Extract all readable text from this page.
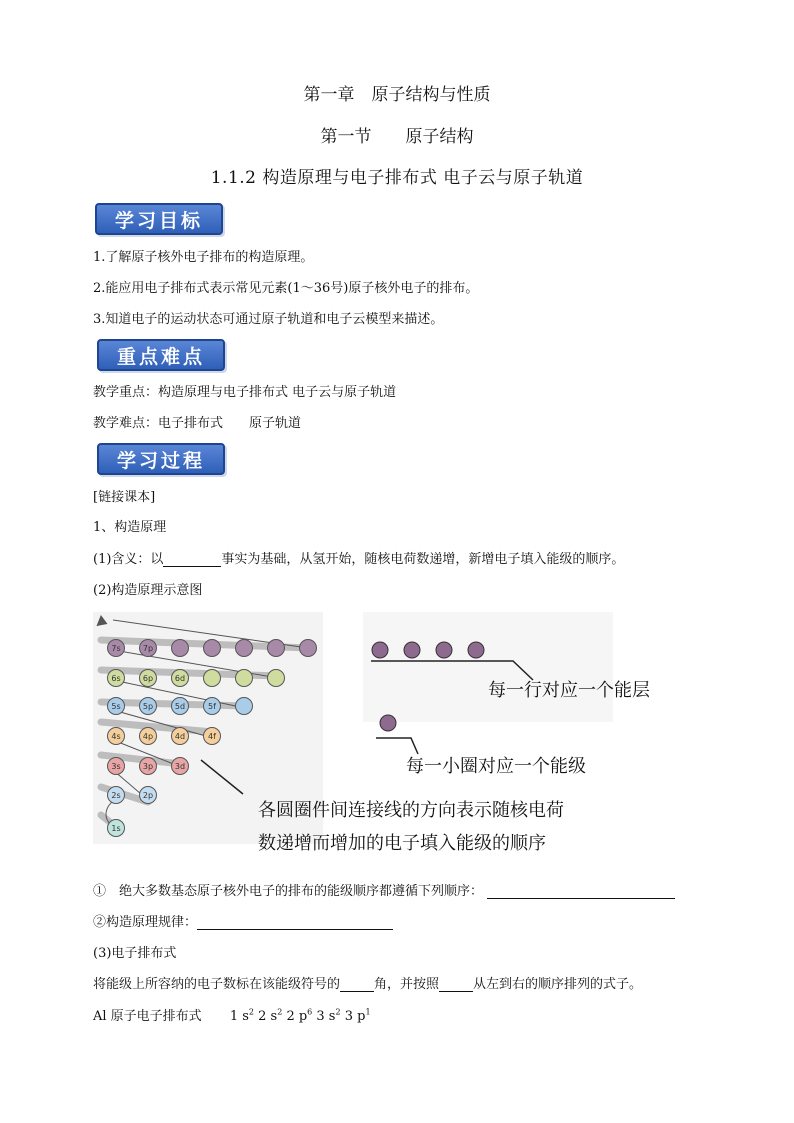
第一章　原子结构与性质
第一节　　原子结构
1.1.2 构造原理与电子排布式 电子云与原子轨道
学习目标
1.了解原子核外电子排布的构造原理。
2.能应用电子排布式表示常见元素(1～36号)原子核外电子的排布。
3.知道电子的运动状态可通过原子轨道和电子云模型来描述。
重点难点
教学重点：构造原理与电子排布式 电子云与原子轨道
教学难点：电子排布式　　原子轨道
学习过程
[链接课本]
1、构造原理
(1)含义：以	事实为基础，从氢开始，随核电荷数递增，新增电子填入能级的顺序。
(2)构造原理示意图
7s	7p
6s	6p	6d
5s	5p	5d	5f
4s	4p	4d	4f
3s	3p	3d
2s	2p
1s
每一行对应一个能层
每一小圈对应一个能级
各圆圈件间连接线的方向表示随核电荷
数递增而增加的电子填入能级的顺序
①　绝大多数基态原子核外电子的排布的能级顺序都遵循下列顺序：
②构造原理规律：
(3)电子排布式
将能级上所容纳的电子数标在该能级符号的	角，并按照	从左到右的顺序排列的式子。
Al 原子电子排布式 1 $s^2$ 2 $s^2$ 2 $p^6$ 3 $s^2$ 3 $p^1$
